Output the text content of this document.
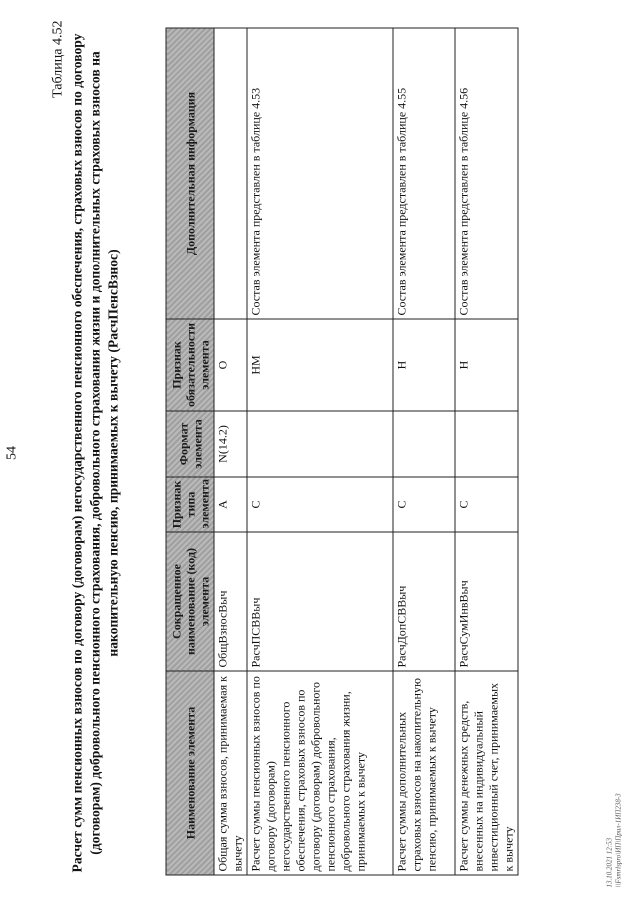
54
Таблица 4.52 Расчет сумм пенсионных взносов по договору (договорам) негосударственного пенсионного обеспечения, страховых взносов по договору (договорам) добровольного пенсионного страхования, добровольного страхования жизни и дополнительных страховых взносов на накопительную пенсию, принимаемых к вычету (РасчПенсВзнос)
Наименование элемента	Сокращенное наименование (код) элемента	Признак типа элемента	Формат элемента	Признак обязательности элемента	Дополнительная информация
Общая сумма взносов, принимаемая к вычету	ОбщВзносВыч	А	N(14.2)	О	
Расчет суммы пенсионных взносов по договору (договорам) негосударственного пенсионного обеспечения, страховых взносов по договору (договорам) добровольного пенсионного страхования, добровольного страхования жизни, принимаемых к вычету	РасчПСВВыч	С		НМ	Состав элемента представлен в таблице 4.53
Расчет суммы дополнительных страховых взносов на накопительную пенсию, принимаемых к вычету	РасчДопСВВыч	С		Н	Состав элемента представлен в таблице 4.55
Расчет суммы денежных средств, внесенных на индивидуальный инвестиционный счет, принимаемых к вычету	РасчСумИнвВыч	С		Н	Состав элемента представлен в таблице 4.56
13.10.2021 12:53 \\Fsmrlspro\ИП\Прил-1ИП238-3
